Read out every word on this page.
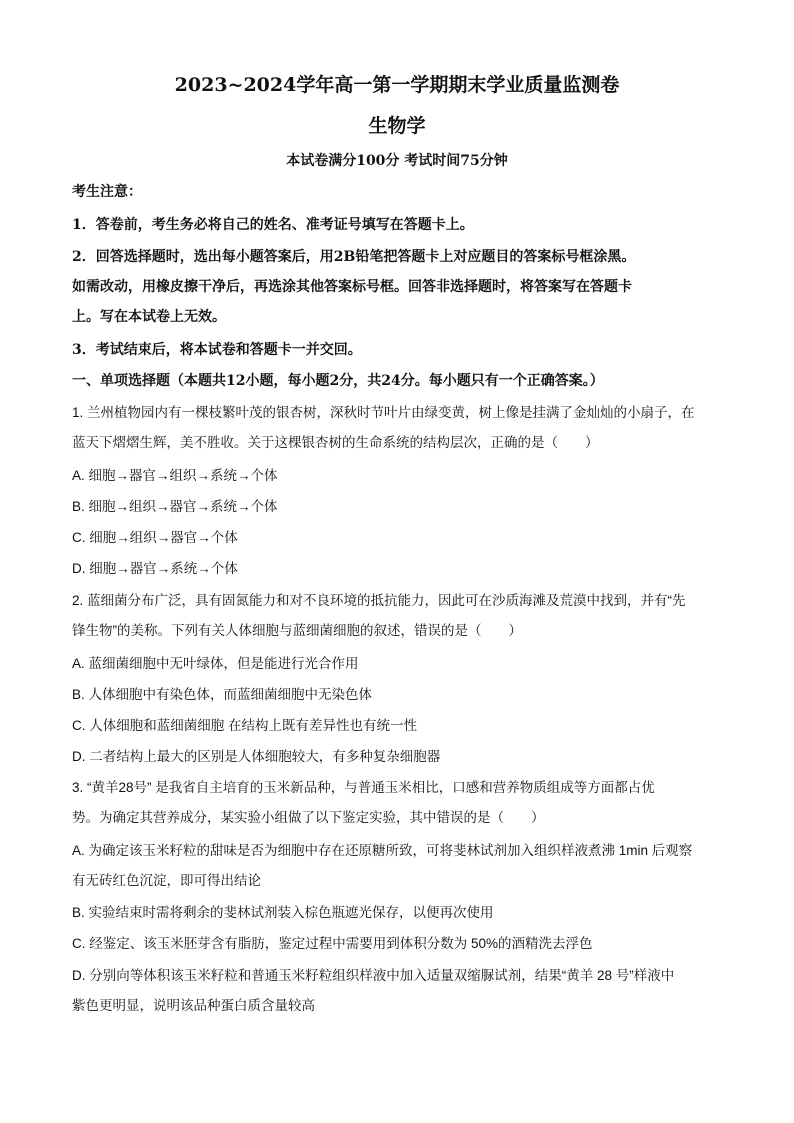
2023~2024学年高一第一学期期末学业质量监测卷
生物学
本试卷满分100分 考试时间75分钟
考生注意：
1．答卷前，考生务必将自己的姓名、准考证号填写在答题卡上。
2．回答选择题时，选出每小题答案后，用2B铅笔把答题卡上对应题目的答案标号框涂黑。
如需改动，用橡皮擦干净后，再选涂其他答案标号框。回答非选择题时，将答案写在答题卡
上。写在本试卷上无效。
3．考试结束后，将本试卷和答题卡一并交回。
一、单项选择题（本题共12小题，每小题2分，共24分。每小题只有一个正确答案。）
1. 兰州植物园内有一棵枝繁叶茂的银杏树，深秋时节叶片由绿变黄，树上像是挂满了金灿灿的小扇子，在
蓝天下熠熠生辉，美不胜收。关于这棵银杏树的生命系统的结构层次，正确的是（　　）
A. 细胞→器官→组织→系统→个体
B. 细胞→组织→器官→系统→个体
C. 细胞→组织→器官→个体
D. 细胞→器官→系统→个体
2. 蓝细菌分布广泛，具有固氮能力和对不良环境的抵抗能力，因此可在沙质海滩及荒漠中找到，并有“先
锋生物”的美称。下列有关人体细胞与蓝细菌细胞的叙述，错误的是（　　）
A. 蓝细菌细胞中无叶绿体，但是能进行光合作用
B. 人体细胞中有染色体，而蓝细菌细胞中无染色体
C. 人体细胞和蓝细菌细胞 在结构上既有差异性也有统一性
D. 二者结构上最大的区别是人体细胞较大，有多种复杂细胞器
3. “黄羊28号” 是我省自主培育的玉米新品种，与普通玉米相比，口感和营养物质组成等方面都占优
势。为确定其营养成分，某实验小组做了以下鉴定实验，其中错误的是（　　）
A. 为确定该玉米籽粒的甜味是否为细胞中存在还原糖所致，可将斐林试剂加入组织样液煮沸 1min 后观察
有无砖红色沉淀，即可得出结论
B. 实验结束时需将剩余的斐林试剂装入棕色瓶遮光保存，以便再次使用
C. 经鉴定、该玉米胚芽含有脂肪，鉴定过程中需要用到体积分数为 50%的酒精洗去浮色
D. 分别向等体积该玉米籽粒和普通玉米籽粒组织样液中加入适量双缩脲试剂，结果“黄羊 28 号”样液中
紫色更明显，说明该品种蛋白质含量较高
